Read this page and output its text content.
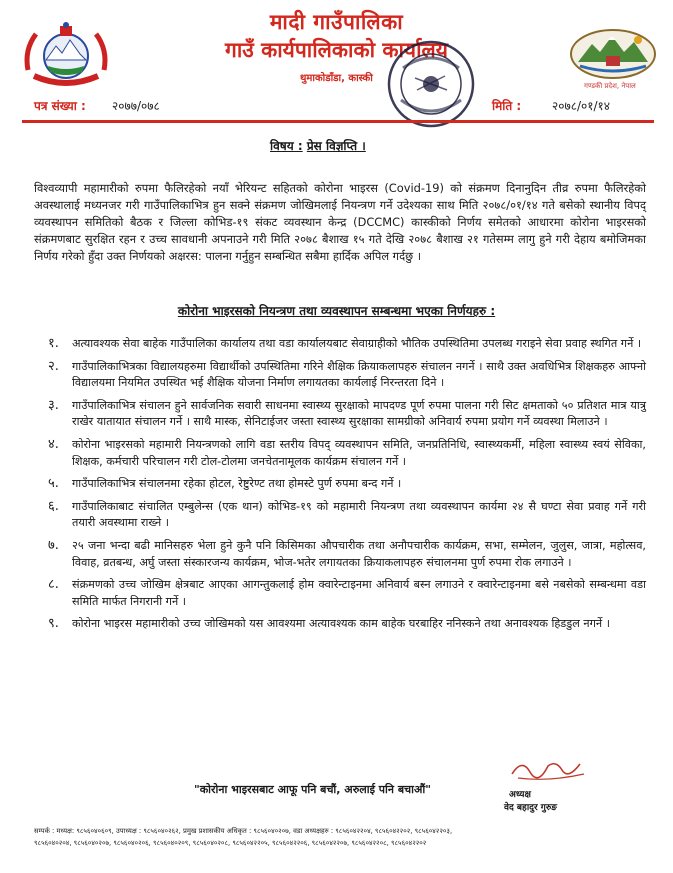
मादी गाउँपालिका
गाउँ कार्यपालिकाको कार्यालय
थुमाकोडाँडा, कास्की
गण्डकी प्रदेश, नेपाल
पत्र संख्या : २०७७/०७८	मिति :	२०७८/०१/१४
विषय : प्रेस विज्ञप्ति ।

विश्वव्यापी महामारीको रुपमा फैलिरहेको नयाँ भेरियन्ट सहितको कोरोना भाइरस (Covid-19) को संक्रमण दिनानुदिन तीव्र रुपमा फैलिरहेको अवस्थालाई मध्यनजर गरी गाउँपालिकाभित्र हुन सक्ने संक्रमण जोखिमलाई नियन्त्रण गर्ने उदेश्यका साथ मिति २०७८/०१/१४ गते बसेको स्थानीय विपद् व्यवस्थापन समितिको बैठक र जिल्ला कोभिड-१९ संकट व्यवस्थान केन्द्र (DCCMC) कास्कीको निर्णय समेतको आधारमा कोरोना भाइरसको संक्रमणबाट सुरक्षित रहन र उच्च सावधानी अपनाउने गरी मिति २०७८ बैशाख १५ गते देखि २०७८ बैशाख २१ गतेसम्म लागु हुने गरी देहाय बमोजिमका निर्णय गरेको हुँदा उक्त निर्णयको अक्षरस: पालना गर्नुहुन सम्बन्धित सबैमा हार्दिक अपिल गर्दछु ।

कोरोना भाइरसको नियन्त्रण तथा व्यवस्थापन सम्बन्धमा भएका निर्णयहरु :
१. अत्यावश्यक सेवा बाहेक गाउँपालिका कार्यालय तथा वडा कार्यालयबाट सेवाग्राहीको भौतिक उपस्थितिमा उपलब्ध गराइने सेवा प्रवाह स्थगित गर्ने ।
२. गाउँपालिकाभित्रका विद्यालयहरुमा विद्यार्थीको उपस्थितिमा गरिने शैक्षिक क्रियाकलापहरु संचालन नगर्ने । साथै उक्त अवधिभित्र शिक्षकहरु आफ्नो विद्यालयमा नियमित उपस्थित भई शैक्षिक योजना निर्माण लगायतका कार्यलाई निरन्तरता दिने ।
३. गाउँपालिकाभित्र संचालन हुने सार्वजनिक सवारी साधनमा स्वास्थ्य सुरक्षाको मापदण्ड पूर्ण रुपमा पालना गरी सिट क्षमताको ५० प्रतिशत मात्र यात्रु राखेर यातायात संचालन गर्ने । साथै मास्क, सेनिटाईजर जस्ता स्वास्थ्य सुरक्षाका सामग्रीको अनिवार्य रुपमा प्रयोग गर्ने व्यवस्था मिलाउने ।
४. कोरोना भाइरसको महामारी नियन्त्रणको लागि वडा स्तरीय विपद् व्यवस्थापन समिति, जनप्रतिनिधि, स्वास्थ्यकर्मी, महिला स्वास्थ्य स्वयं सेविका, शिक्षक, कर्मचारी परिचालन गरी टोल-टोलमा जनचेतनामूलक कार्यक्रम संचालन गर्ने ।
५. गाउँपालिकाभित्र संचालनमा रहेका होटल, रेष्टुरेण्ट तथा होमस्टे पुर्ण रुपमा बन्द गर्ने ।
६. गाउँपालिकाबाट संचालित एम्बुलेन्स (एक थान) कोभिड-१९ को महामारी नियन्त्रण तथा व्यवस्थापन कार्यमा २४ सै घण्टा सेवा प्रवाह गर्ने गरी तयारी अवस्थामा राख्ने ।
७. २५ जना भन्दा बढी मानिसहरु भेला हुने कुनै पनि किसिमका औपचारीक तथा अनौपचारीक कार्यक्रम, सभा, सम्मेलन, जुलुस, जात्रा, महोत्सव, विवाह, व्रतबन्ध, अर्घु जस्ता संस्कारजन्य कार्यक्रम, भोज-भतेर लगायतका क्रियाकलापहरु संचालनमा पुर्ण रुपमा रोक लगाउने ।
८. संक्रमणको उच्च जोखिम क्षेत्रबाट आएका आगन्तुकलाई होम क्वारेन्टाइनमा अनिवार्य बस्न लगाउने र क्वारेन्टाइनमा बसे नबसेको सम्बन्धमा वडा समिति मार्फत निगरानी गर्ने ।
९. कोरोना भाइरस महामारीको उच्च जोखिमको यस आवश्यमा अत्यावश्यक काम बाहेक घरबाहिर ननिस्कने तथा अनावश्यक हिडडुल नगर्ने ।
"कोरोना भाइरसबाट आफू पनि बचौं, अरुलाई पनि बचाऔं"	अध्यक्ष
वेद बहादुर गुरुङ
सम्पर्क : मध्यक्ष: ९८५६०४०६०९, उपाध्यक्ष : ९८५६०४०२६२, प्रमुख प्रशासकीय अधिकृत : ९८५६०४०२०७, वडा अध्यक्षहरु : ९८५६०४२२०४, ९८५६०४२२०२, ९८५६०४२२०३,
९८५६०४०२०४, ९८५६०४०२०७, ९८५६०४०२०६, ९८५६०४०२०९, ९८५६०४०२०८, ९८५६०४२२०५, ९८५६०४२२०६, ९८५६०४२२०७, ९८५६०४२२०८, ९८५६०४२२०२
